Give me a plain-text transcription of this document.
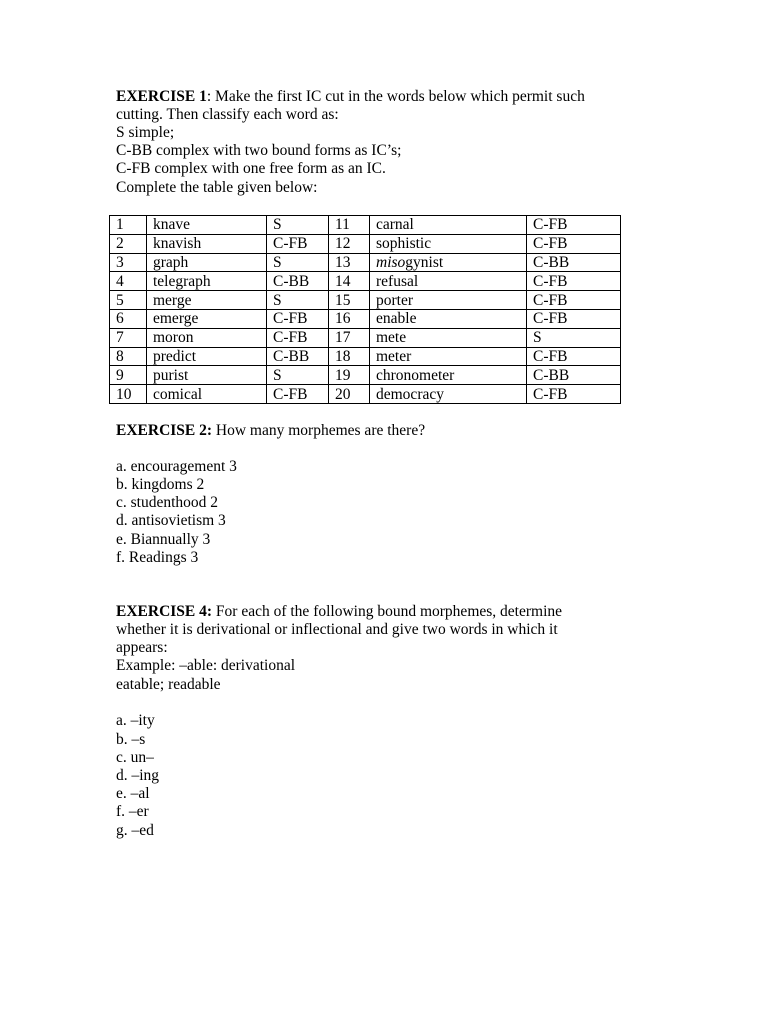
EXERCISE 1: Make the first IC cut in the words below which permit such
cutting. Then classify each word as:
S simple;
C-BB complex with two bound forms as IC’s;
C-FB complex with one free form as an IC.
Complete the table given below:
1	knave	S	11	carnal	C-FB
2	knavish	C-FB	12	sophistic	C-FB
3	graph	S	13	misogynist	C-BB
4	telegraph	C-BB	14	refusal	C-FB
5	merge	S	15	porter	C-FB
6	emerge	C-FB	16	enable	C-FB
7	moron	C-FB	17	mete	S
8	predict	C-BB	18	meter	C-FB
9	purist	S	19	chronometer	C-BB
10	comical	C-FB	20	democracy	C-FB
EXERCISE 2: How many morphemes are there?
a. encouragement 3
b. kingdoms 2
c. studenthood 2
d. antisovietism 3
e. Biannually 3
f. Readings 3
EXERCISE 4: For each of the following bound morphemes, determine
whether it is derivational or inflectional and give two words in which it
appears:
Example: –able: derivational
eatable; readable
a. –ity
b. –s
c. un–
d. –ing
e. –al
f. –er
g. –ed
